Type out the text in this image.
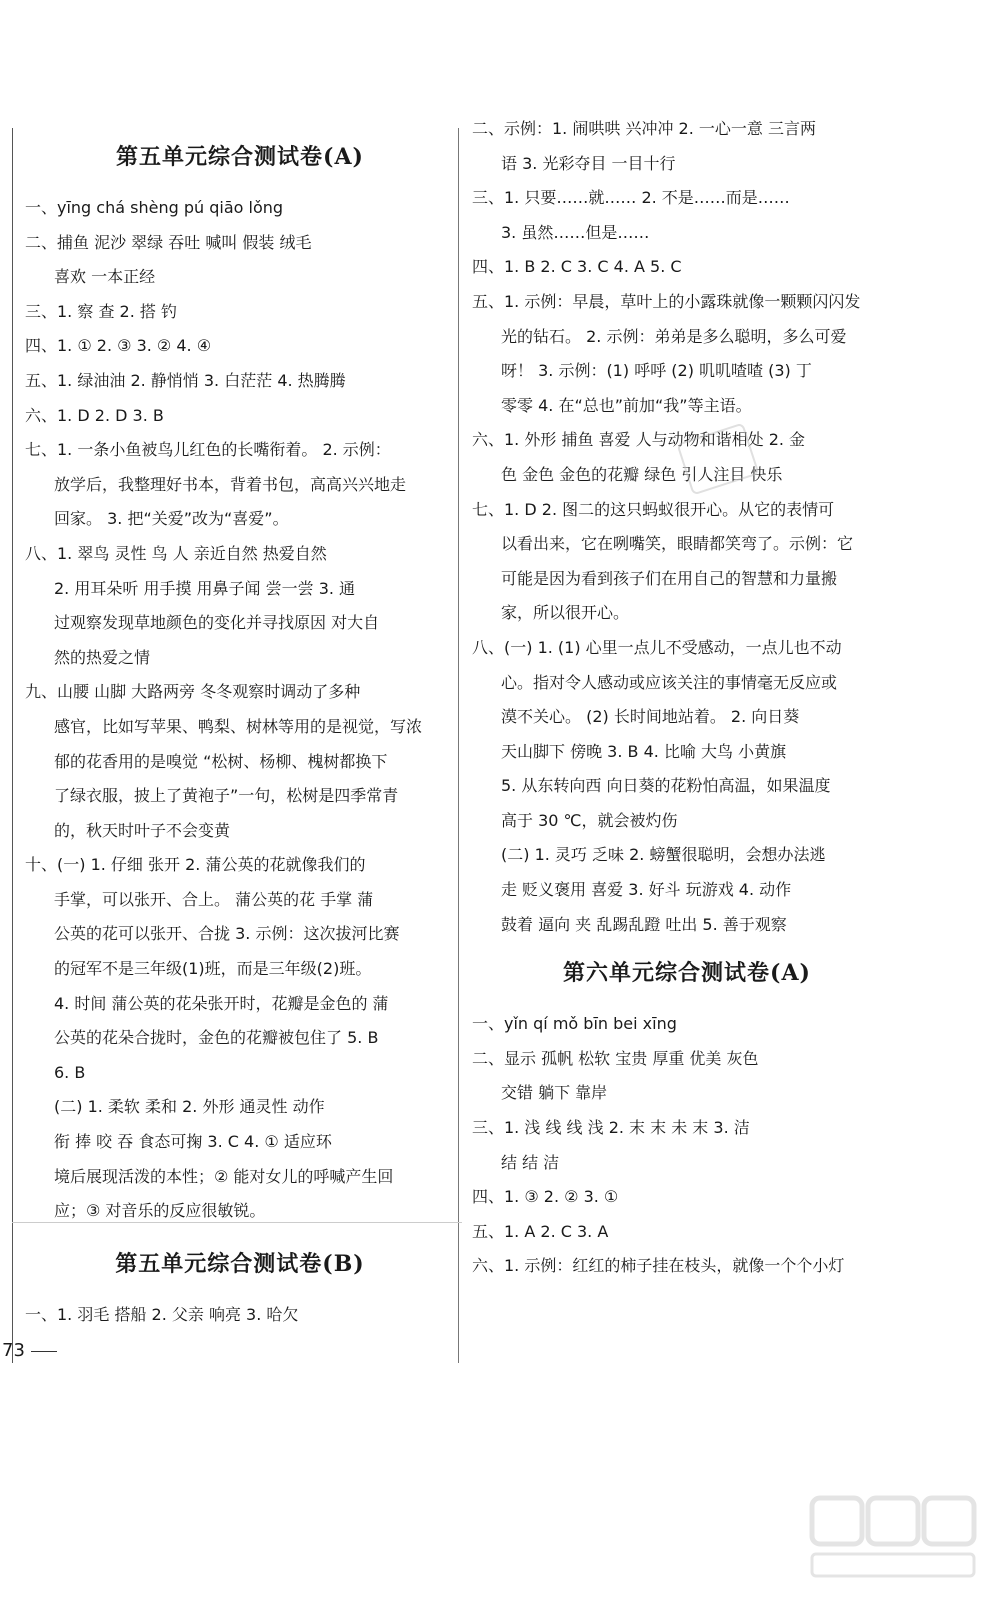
第五单元综合测试卷(A)
一、yīng chá shèng pú qiāo lǒng
二、捕鱼 泥沙 翠绿 吞吐 喊叫 假装 绒毛
喜欢 一本正经
三、1. 察 查 2. 搭 钓
四、1. ① 2. ③ 3. ② 4. ④
五、1. 绿油油 2. 静悄悄 3. 白茫茫 4. 热腾腾
六、1. D 2. D 3. B
七、1. 一条小鱼被鸟儿红色的长嘴衔着。 2. 示例：
放学后，我整理好书本，背着书包，高高兴兴地走
回家。 3. 把“关爱”改为“喜爱”。
八、1. 翠鸟 灵性 鸟 人 亲近自然 热爱自然
2. 用耳朵听 用手摸 用鼻子闻 尝一尝 3. 通
过观察发现草地颜色的变化并寻找原因 对大自
然的热爱之情
九、山腰 山脚 大路两旁 冬冬观察时调动了多种
感官，比如写苹果、鸭梨、树林等用的是视觉，写浓
郁的花香用的是嗅觉 “松树、杨柳、槐树都换下
了绿衣服，披上了黄袍子”一句，松树是四季常青
的，秋天时叶子不会变黄
十、(一) 1. 仔细 张开 2. 蒲公英的花就像我们的
手掌，可以张开、合上。 蒲公英的花 手掌 蒲
公英的花可以张开、合拢 3. 示例：这次拔河比赛
的冠军不是三年级(1)班，而是三年级(2)班。
4. 时间 蒲公英的花朵张开时，花瓣是金色的 蒲
公英的花朵合拢时，金色的花瓣被包住了 5. B
6. B
(二) 1. 柔软 柔和 2. 外形 通灵性 动作
衔 捧 咬 吞 食态可掬 3. C 4. ① 适应环
境后展现活泼的本性；② 能对女儿的呼喊产生回
应；③ 对音乐的反应很敏锐。
第五单元综合测试卷(B)
一、1. 羽毛 搭船 2. 父亲 响亮 3. 哈欠
二、示例：1. 闹哄哄 兴冲冲 2. 一心一意 三言两
语 3. 光彩夺目 一目十行
三、1. 只要……就…… 2. 不是……而是……
3. 虽然……但是……
四、1. B 2. C 3. C 4. A 5. C
五、1. 示例：早晨，草叶上的小露珠就像一颗颗闪闪发
光的钻石。 2. 示例：弟弟是多么聪明，多么可爱
呀！ 3. 示例：(1) 呼呼 (2) 叽叽喳喳 (3) 丁
零零 4. 在“总也”前加“我”等主语。
六、1. 外形 捕鱼 喜爱 人与动物和谐相处 2. 金
色 金色 金色的花瓣 绿色 引人注目 快乐
七、1. D 2. 图二的这只蚂蚁很开心。从它的表情可
以看出来，它在咧嘴笑，眼睛都笑弯了。示例：它
可能是因为看到孩子们在用自己的智慧和力量搬
家，所以很开心。
八、(一) 1. (1) 心里一点儿不受感动，一点儿也不动
心。指对令人感动或应该关注的事情毫无反应或
漠不关心。 (2) 长时间地站着。 2. 向日葵
天山脚下 傍晚 3. B 4. 比喻 大鸟 小黄旗
5. 从东转向西 向日葵的花粉怕高温，如果温度
高于 30 ℃，就会被灼伤
(二) 1. 灵巧 乏味 2. 螃蟹很聪明，会想办法逃
走 贬义褒用 喜爱 3. 好斗 玩游戏 4. 动作
鼓着 逼向 夹 乱踢乱蹬 吐出 5. 善于观察
第六单元综合测试卷(A)
一、yǐn qí mǒ bīn bei xīng
二、显示 孤帆 松软 宝贵 厚重 优美 灰色
交错 躺下 靠岸
三、1. 浅 线 线 浅 2. 末 末 未 末 3. 洁
结 结 洁
四、1. ③ 2. ② 3. ①
五、1. A 2. C 3. A
六、1. 示例：红红的柿子挂在枝头，就像一个个小灯
73
